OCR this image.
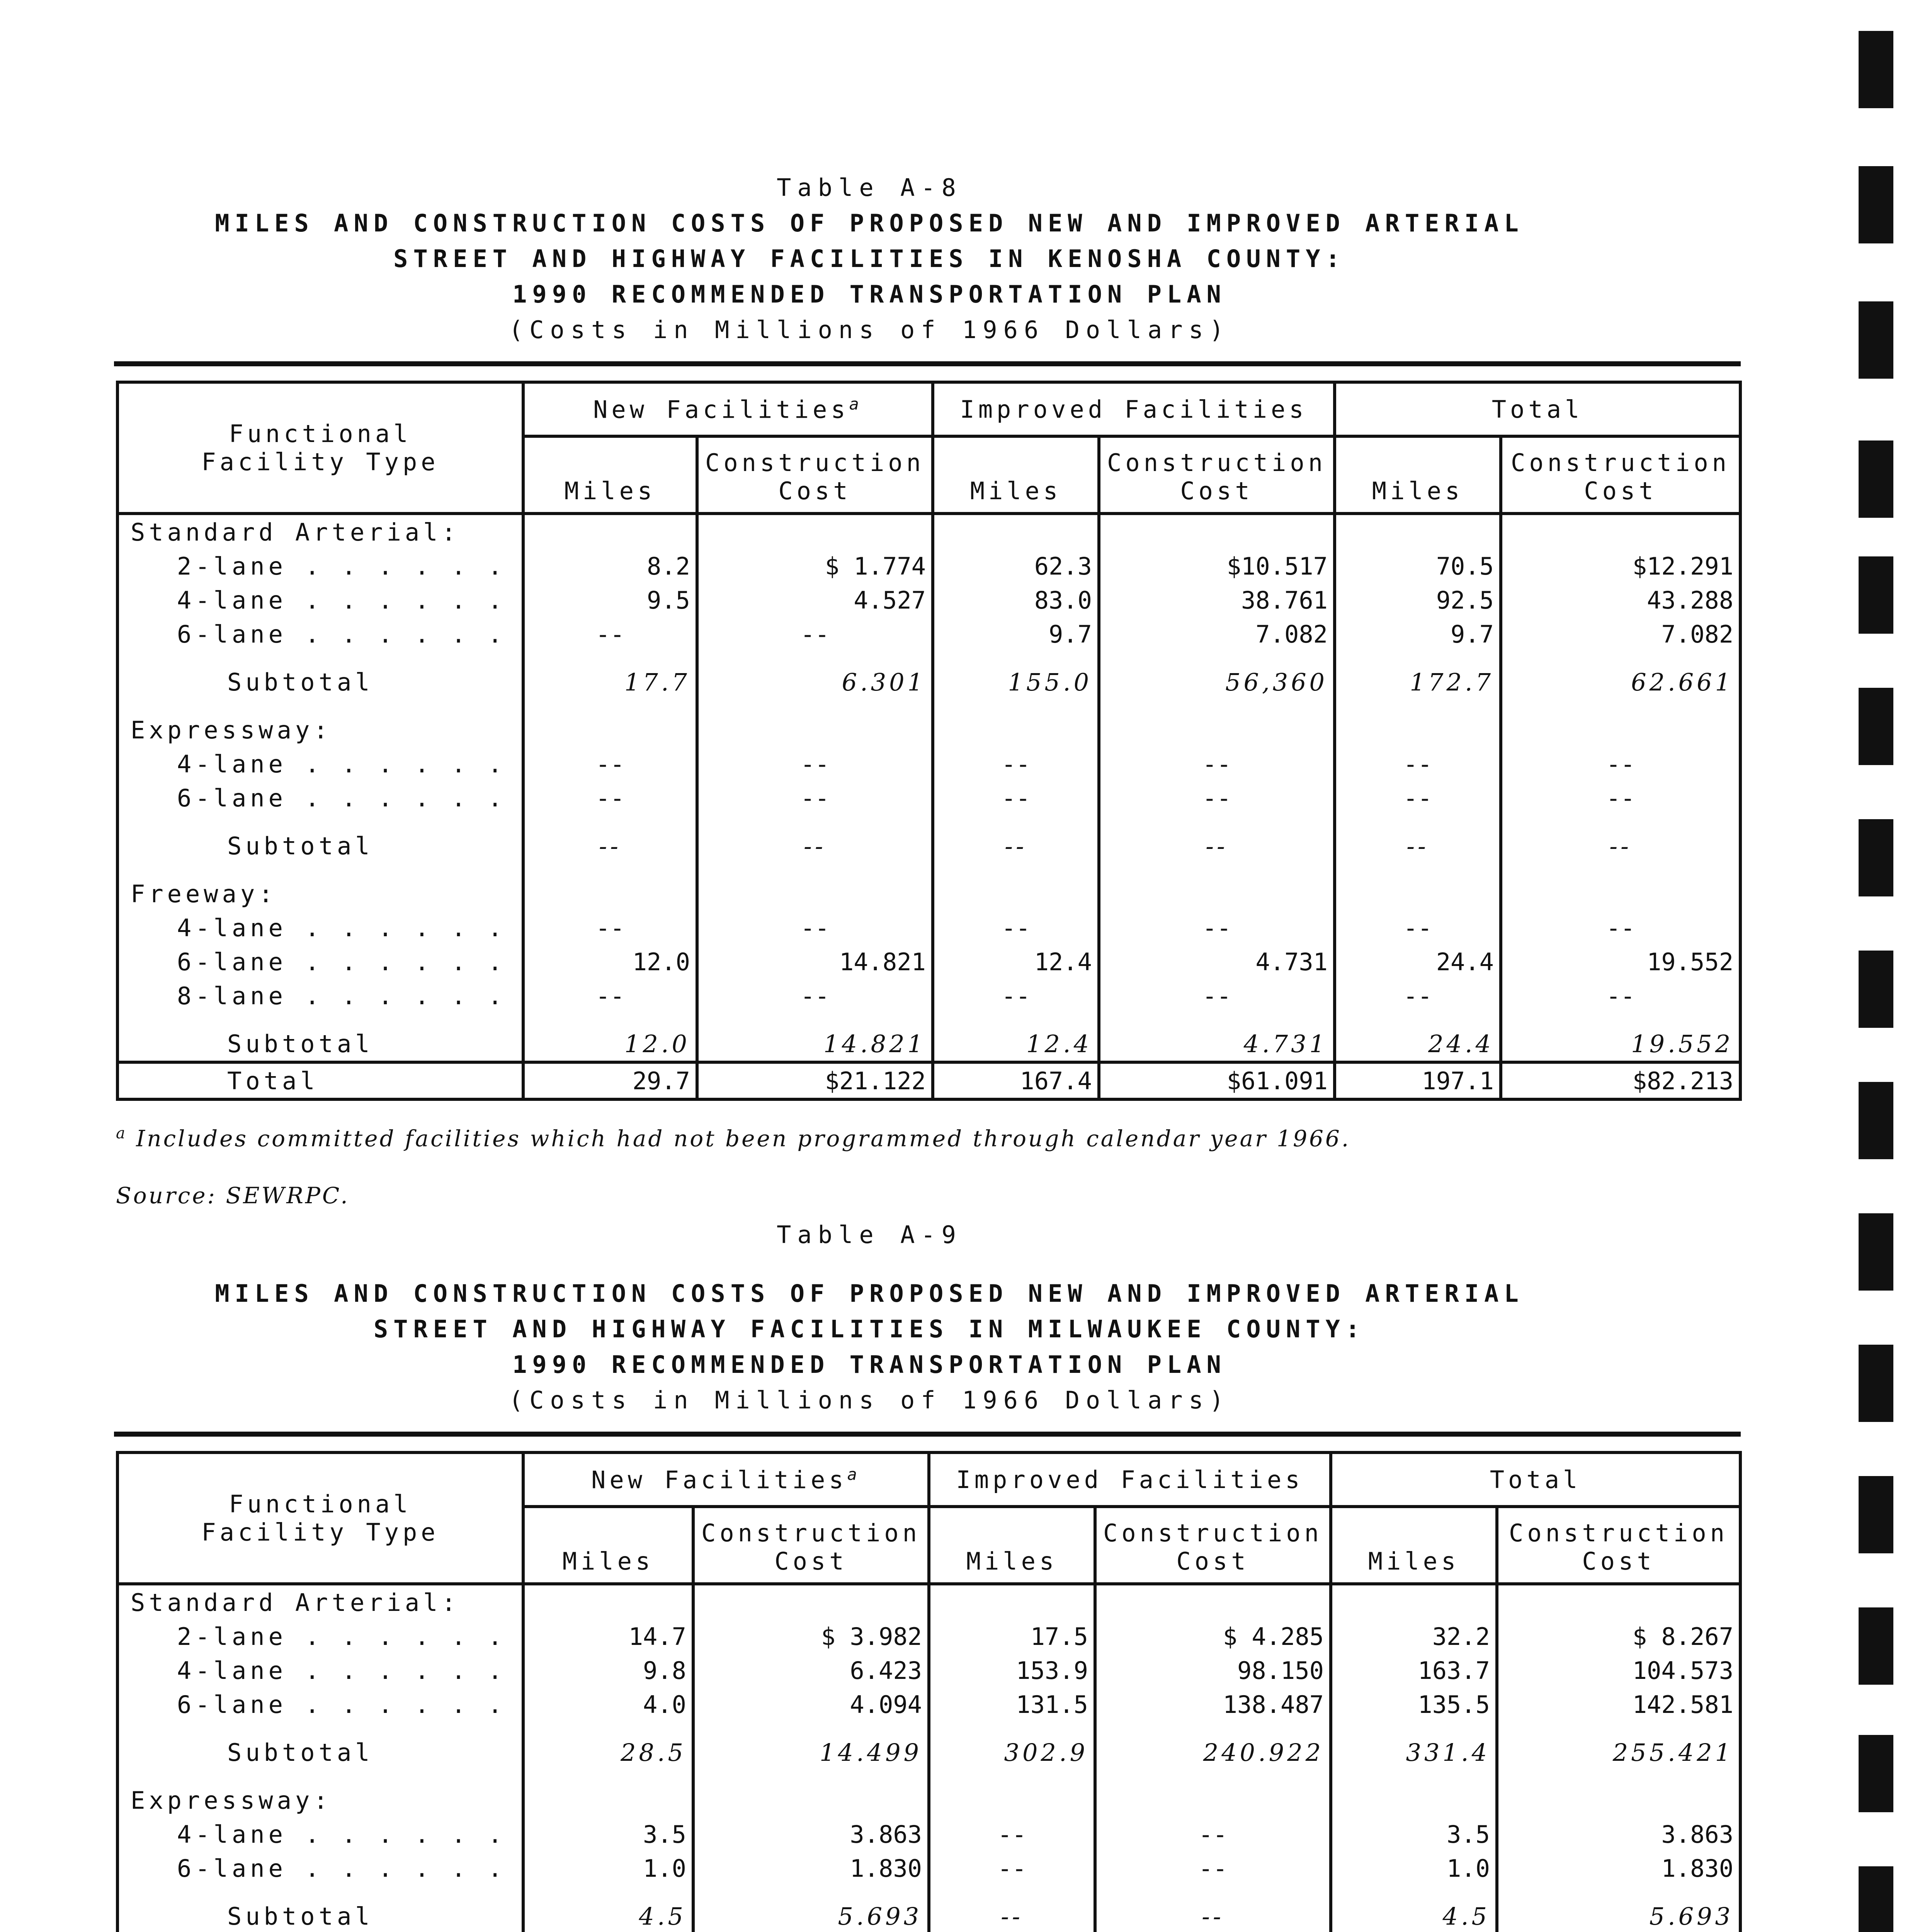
Table A-8
MILES AND CONSTRUCTION COSTS OF PROPOSED NEW AND IMPROVED ARTERIAL
STREET AND HIGHWAY FACILITIES IN KENOSHA COUNTY:
1990 RECOMMENDED TRANSPORTATION PLAN
(Costs in Millions of 1966 Dollars)
Functional Facility Type	New Facilities$^a$		Improved Facilities		Total	
	Miles	Construction Cost	Miles	Construction Cost	Miles	Construction Cost
Standard Arterial:						
2-lane . . . . . .	8.2	$ 1.774	62.3	$10.517	70.5	$12.291
4-lane . . . . . .	9.5	4.527	83.0	38.761	92.5	43.288
6-lane . . . . . .	--	--	9.7	7.082	9.7	7.082

Subtotal	17.7	6.301	155.0	56,360	172.7	62.661

Expressway:						
4-lane . . . . . .	--	--	--	--	--	--
6-lane . . . . . .	--	--	--	--	--	--

Subtotal	--	--	--	--	--	--

Freeway:						
4-lane . . . . . .	--	--	--	--	--	--
6-lane . . . . . .	12.0	14.821	12.4	4.731	24.4	19.552
8-lane . . . . . .	--	--	--	--	--	--

Subtotal	12.0	14.821	12.4	4.731	24.4	19.552
Total	29.7	$21.122	167.4	$61.091	197.1	$82.213
$^a$ Includes committed facilities which had not been programmed through calendar year 1966.
Source: SEWRPC.
Table A-9
MILES AND CONSTRUCTION COSTS OF PROPOSED NEW AND IMPROVED ARTERIAL
STREET AND HIGHWAY FACILITIES IN MILWAUKEE COUNTY:
1990 RECOMMENDED TRANSPORTATION PLAN
(Costs in Millions of 1966 Dollars)
Functional Facility Type	New Facilities$^a$		Improved Facilities		Total	
	Miles	Construction Cost	Miles	Construction Cost	Miles	Construction Cost
Standard Arterial:						
2-lane . . . . . .	14.7	$ 3.982	17.5	$ 4.285	32.2	$ 8.267
4-lane . . . . . .	9.8	6.423	153.9	98.150	163.7	104.573
6-lane . . . . . .	4.0	4.094	131.5	138.487	135.5	142.581

Subtotal	28.5	14.499	302.9	240.922	331.4	255.421

Expressway:						
4-lane . . . . . .	3.5	3.863	--	--	3.5	3.863
6-lane . . . . . .	1.0	1.830	--	--	1.0	1.830

Subtotal	4.5	5.693	--	--	4.5	5.693
